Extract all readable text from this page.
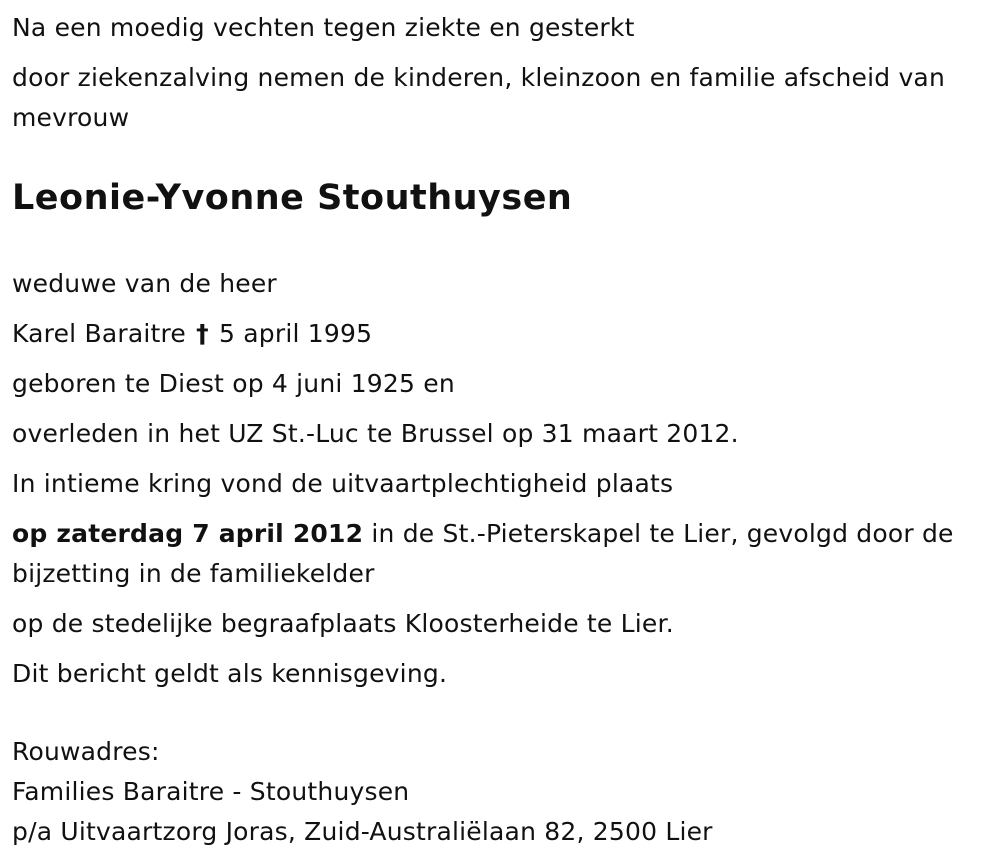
Na een moedig vechten tegen ziekte en gesterkt

door ziekenzalving nemen de kinderen, kleinzoon en familie afscheid van mevrouw

Leonie-Yvonne Stouthuysen

weduwe van de heer

Karel Baraitre † 5 april 1995

geboren te Diest op 4 juni 1925 en

overleden in het UZ St.-Luc te Brussel op 31 maart 2012.

In intieme kring vond de uitvaartplechtigheid plaats

op zaterdag 7 april 2012 in de St.-Pieterskapel te Lier, gevolgd door de bijzetting in de familiekelder

op de stedelijke begraafplaats Kloosterheide te Lier.

Dit bericht geldt als kennisgeving.

Rouwadres:

Families Baraitre - Stouthuysen

p/a Uitvaartzorg Joras, Zuid-Australiëlaan 82, 2500 Lier
